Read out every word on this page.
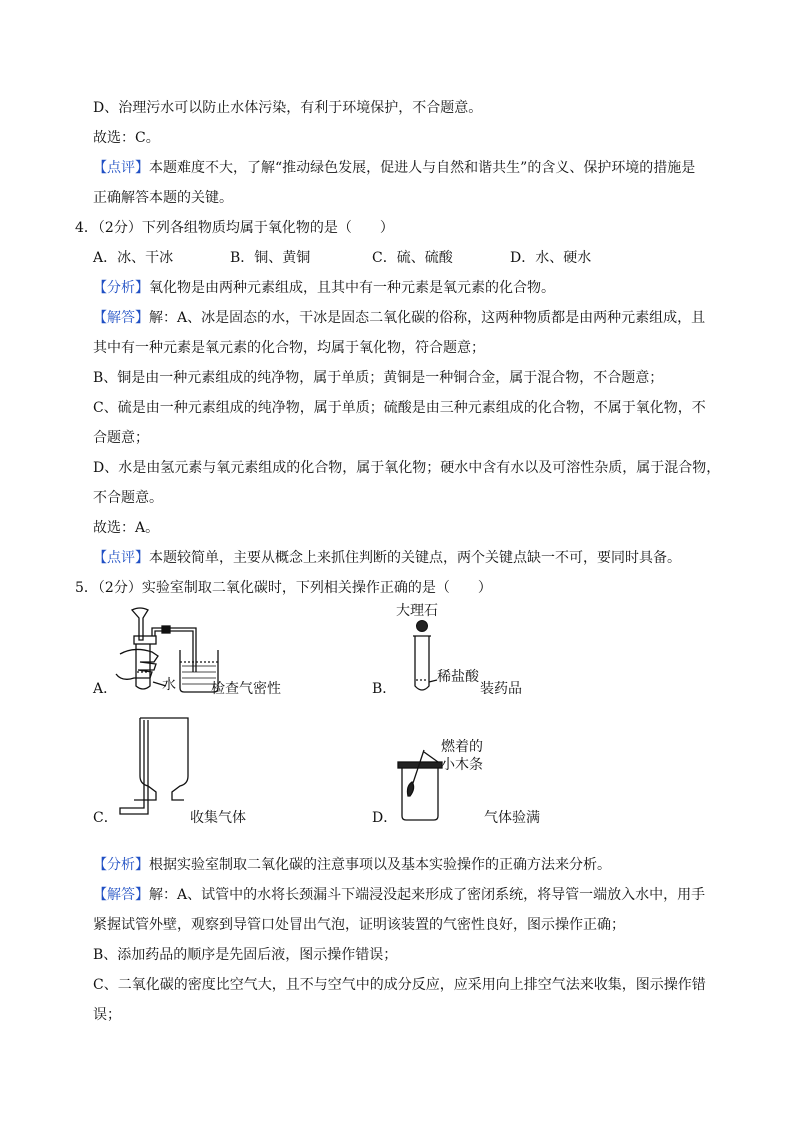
D、治理污水可以防止水体污染，有利于环境保护，不合题意。
故选：C。
【点评】本题难度不大，了解“推动绿色发展，促进人与自然和谐共生”的含义、保护环境的措施是
正确解答本题的关键。
4．（2分）下列各组物质均属于氧化物的是（　　）
A．冰、干冰	B．铜、黄铜	C．硫、硫酸	D．水、硬水
【分析】氧化物是由两种元素组成，且其中有一种元素是氧元素的化合物。
【解答】解：A、冰是固态的水，干冰是固态二氧化碳的俗称，这两种物质都是由两种元素组成，且
其中有一种元素是氧元素的化合物，均属于氧化物，符合题意；
B、铜是由一种元素组成的纯净物，属于单质；黄铜是一种铜合金，属于混合物，不合题意；
C、硫是由一种元素组成的纯净物，属于单质；硫酸是由三种元素组成的化合物，不属于氧化物，不
合题意；
D、水是由氢元素与氧元素组成的化合物，属于氧化物；硬水中含有水以及可溶性杂质，属于混合物，
不合题意。
故选：A。
【点评】本题较简单，主要从概念上来抓住判断的关键点，两个关键点缺一不可，要同时具备。
5．（2分）实验室制取二氧化碳时，下列相关操作正确的是（　　）
A．	水	检查气密性	B．
大理石
稀盐酸
装药品
C．	收集气体	D．
燃着的
小木条
气体验满
【分析】根据实验室制取二氧化碳的注意事项以及基本实验操作的正确方法来分析。
【解答】解：A、试管中的水将长颈漏斗下端浸没起来形成了密闭系统，将导管一端放入水中，用手
紧握试管外壁，观察到导管口处冒出气泡，证明该装置的气密性良好，图示操作正确；
B、添加药品的顺序是先固后液，图示操作错误；
C、二氧化碳的密度比空气大，且不与空气中的成分反应，应采用向上排空气法来收集，图示操作错
误；
